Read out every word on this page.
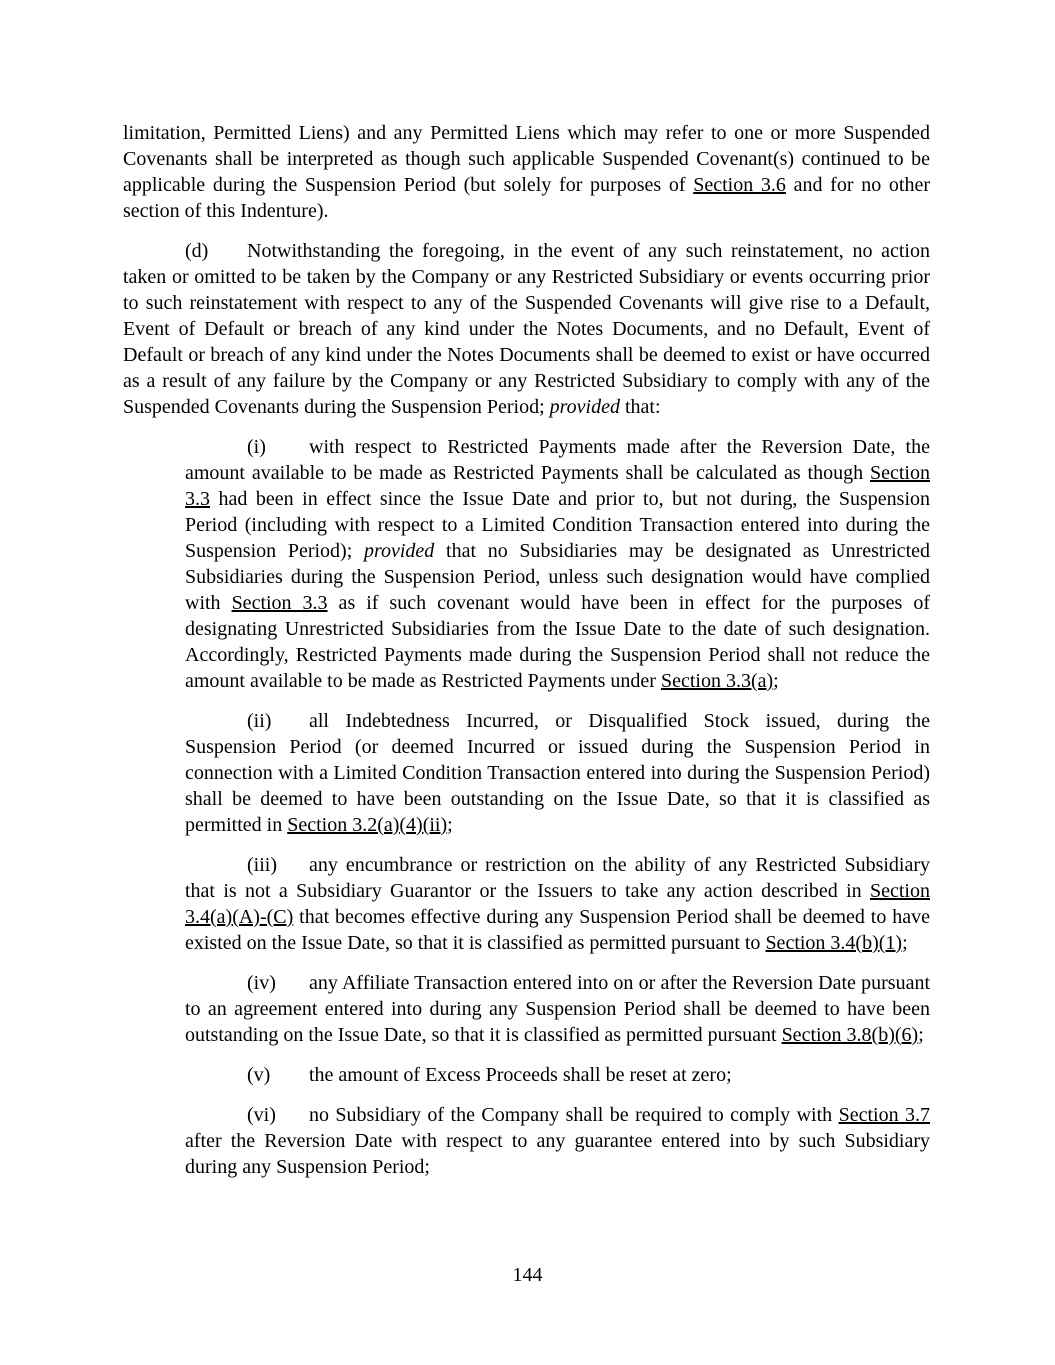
limitation, Permitted Liens) and any Permitted Liens which may refer to one or more Suspended Covenants shall be interpreted as though such applicable Suspended Covenant(s) continued to be applicable during the Suspension Period (but solely for purposes of Section 3.6 and for no other section of this Indenture).

(d) Notwithstanding the foregoing, in the event of any such reinstatement, no action taken or omitted to be taken by the Company or any Restricted Subsidiary or events occurring prior to such reinstatement with respect to any of the Suspended Covenants will give rise to a Default, Event of Default or breach of any kind under the Notes Documents, and no Default, Event of Default or breach of any kind under the Notes Documents shall be deemed to exist or have occurred as a result of any failure by the Company or any Restricted Subsidiary to comply with any of the Suspended Covenants during the Suspension Period; provided that:

(i) with respect to Restricted Payments made after the Reversion Date, the amount available to be made as Restricted Payments shall be calculated as though Section 3.3 had been in effect since the Issue Date and prior to, but not during, the Suspension Period (including with respect to a Limited Condition Transaction entered into during the Suspension Period); provided that no Subsidiaries may be designated as Unrestricted Subsidiaries during the Suspension Period, unless such designation would have complied with Section 3.3 as if such covenant would have been in effect for the purposes of designating Unrestricted Subsidiaries from the Issue Date to the date of such designation. Accordingly, Restricted Payments made during the Suspension Period shall not reduce the amount available to be made as Restricted Payments under Section 3.3(a);

(ii) all Indebtedness Incurred, or Disqualified Stock issued, during the Suspension Period (or deemed Incurred or issued during the Suspension Period in connection with a Limited Condition Transaction entered into during the Suspension Period) shall be deemed to have been outstanding on the Issue Date, so that it is classified as permitted in Section 3.2(a)(4)(ii);

(iii) any encumbrance or restriction on the ability of any Restricted Subsidiary that is not a Subsidiary Guarantor or the Issuers to take any action described in Section 3.4(a)(A)-(C) that becomes effective during any Suspension Period shall be deemed to have existed on the Issue Date, so that it is classified as permitted pursuant to Section 3.4(b)(1);

(iv) any Affiliate Transaction entered into on or after the Reversion Date pursuant to an agreement entered into during any Suspension Period shall be deemed to have been outstanding on the Issue Date, so that it is classified as permitted pursuant Section 3.8(b)(6);

(v) the amount of Excess Proceeds shall be reset at zero;

(vi) no Subsidiary of the Company shall be required to comply with Section 3.7 after the Reversion Date with respect to any guarantee entered into by such Subsidiary during any Suspension Period;

144
